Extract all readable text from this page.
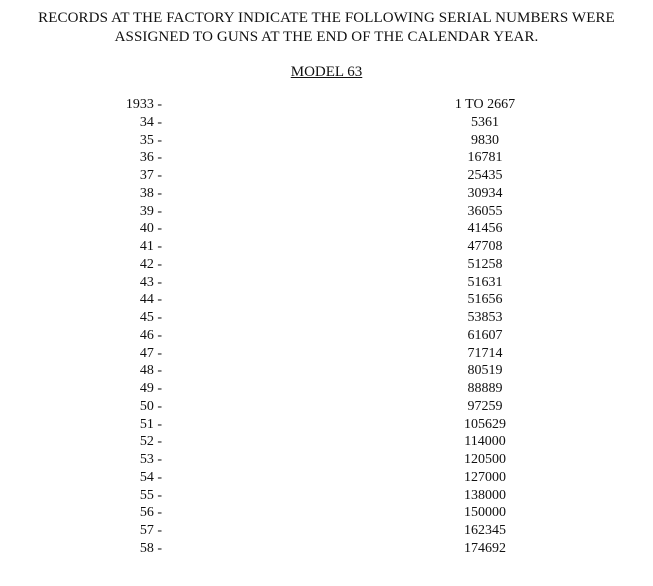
RECORDS AT THE FACTORY INDICATE THE FOLLOWING SERIAL NUMBERS WERE
ASSIGNED TO GUNS AT THE END OF THE CALENDAR YEAR.
MODEL 63
1933 -	1 TO 2667
34 -	5361
35 -	9830
36 -	16781
37 -	25435
38 -	30934
39 -	36055
40 -	41456
41 -	47708
42 -	51258
43 -	51631
44 -	51656
45 -	53853
46 -	61607
47 -	71714
48 -	80519
49 -	88889
50 -	97259
51 -	105629
52 -	114000
53 -	120500
54 -	127000
55 -	138000
56 -	150000
57 -	162345
58 -	174692
